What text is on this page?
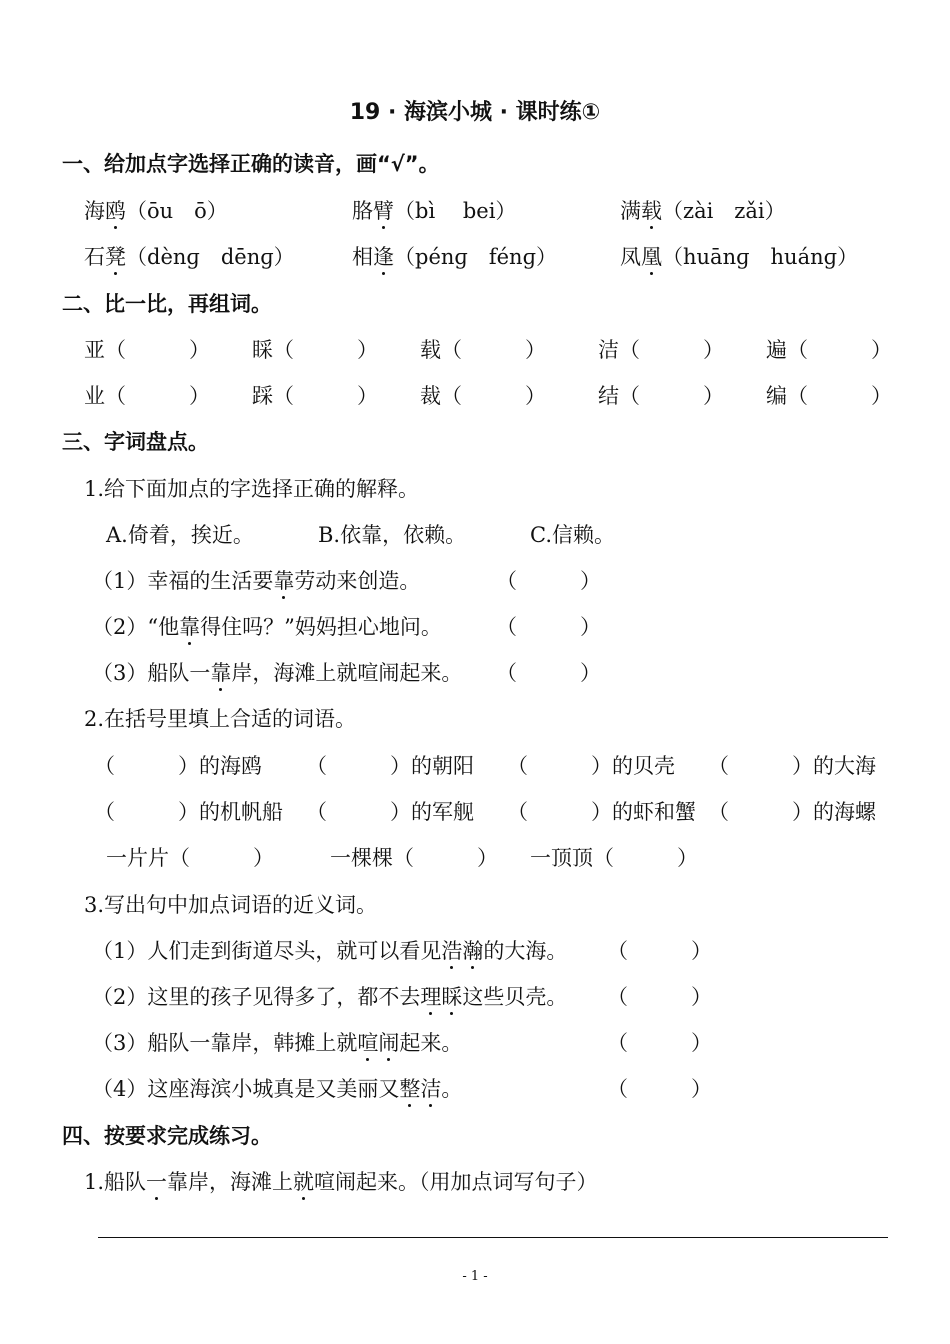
19 · 海滨小城 · 课时练①
一、给加点字选择正确的读音，画“√”。
海鸥（ōu　ō）	胳臂（bì　 bei）	满载（zài　zǎi）
石凳（dènɡ　dēnɡ）	相逢（pénɡ　fénɡ）	凤凰（huānɡ　huánɡ）
二、比一比，再组词。
亚（　　　） 睬（　　　） 载（　　　） 洁（　　　） 遍（　　　）
业（　　　） 踩（　　　） 裁（　　　） 结（　　　） 编（　　　）
三、字词盘点。
1.给下面加点的字选择正确的解释。
A.倚着，挨近。	B.依靠，依赖。	C.信赖。
（1）幸福的生活要靠劳动来创造。	（　　　）
（2）“他靠得住吗？”妈妈担心地问。	（　　　）
（3）船队一靠岸，海滩上就喧闹起来。 （　　　）
2.在括号里填上合适的词语。
（　　　）的海鸥 （　　　）的朝阳 （　　　）的贝壳 （　　　）的大海
（　　　）的机帆船 （　　　）的军舰 （　　　）的虾和蟹 （　　　）的海螺
一片片（　　　）	一棵棵（　　　） 一顶顶（　　　）
3.写出句中加点词语的近义词。
（1）人们走到街道尽头，就可以看见浩瀚的大海。 （　　　）
（2）这里的孩子见得多了，都不去理睬这些贝壳。 （　　　）
（3）船队一靠岸，韩摊上就喧闹起来。	（　　　）
（4）这座海滨小城真是又美丽又整洁。	（　　　）
四、按要求完成练习。
1.船队一靠岸，海滩上就喧闹起来。（用加点词写句子）
- 1 -
